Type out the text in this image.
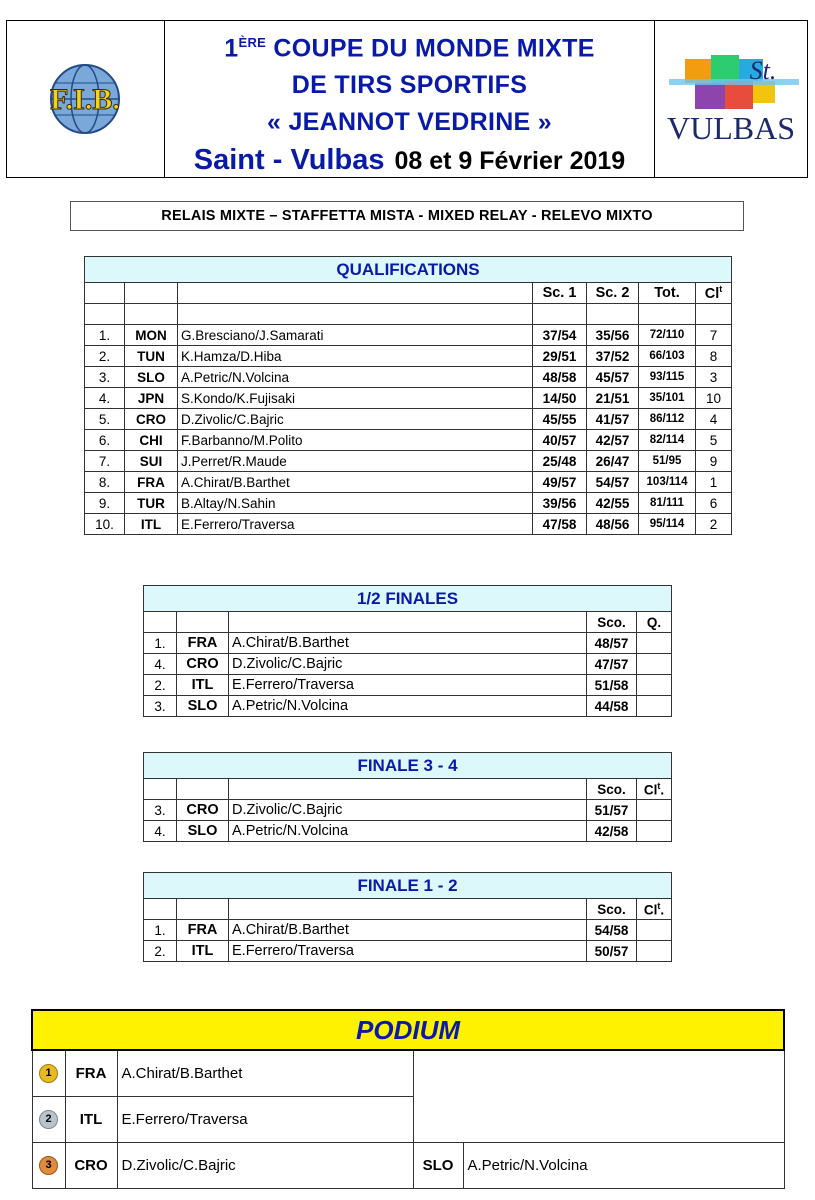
F.I.B.
1ÈRE COUPE DU MONDE MIXTE
DE TIRS SPORTIFS
« JEANNOT VEDRINE »
Saint - Vulbas 08 et 9 Février 2019
St.
VULBAS
RELAIS MIXTE – STAFFETTA MISTA - MIXED RELAY - RELEVO MIXTO
QUALIFICATIONS						
			Sc. 1	Sc. 2	Tot.	Cl$^t$

1.	MON	G.Bresciano/J.Samarati	37/54	35/56	72/110	7
2.	TUN	K.Hamza/D.Hiba	29/51	37/52	66/103	8
3.	SLO	A.Petric/N.Volcina	48/58	45/57	93/115	3
4.	JPN	S.Kondo/K.Fujisaki	14/50	21/51	35/101	10
5.	CRO	D.Zivolic/C.Bajric	45/55	41/57	86/112	4
6.	CHI	F.Barbanno/M.Polito	40/57	42/57	82/114	5
7.	SUI	J.Perret/R.Maude	25/48	26/47	51/95	9
8.	FRA	A.Chirat/B.Barthet	49/57	54/57	103/114	1
9.	TUR	B.Altay/N.Sahin	39/56	42/55	81/111	6
10.	ITL	E.Ferrero/Traversa	47/58	48/56	95/114	2
1/2 FINALES				
			Sco.	Q.
1.	FRA	A.Chirat/B.Barthet	48/57	
4.	CRO	D.Zivolic/C.Bajric	47/57	
2.	ITL	E.Ferrero/Traversa	51/58	
3.	SLO	A.Petric/N.Volcina	44/58	
FINALE 3 - 4				
			Sco.	Cl$^t$.
3.	CRO	D.Zivolic/C.Bajric	51/57	
4.	SLO	A.Petric/N.Volcina	42/58	
FINALE 1 - 2				
			Sco.	Cl$^t$.
1.	FRA	A.Chirat/B.Barthet	54/58	
2.	ITL	E.Ferrero/Traversa	50/57	
PODIUM				
1	FRA	A.Chirat/B.Barthet		
2	ITL	E.Ferrero/Traversa		
3	CRO	D.Zivolic/C.Bajric	SLO	A.Petric/N.Volcina
